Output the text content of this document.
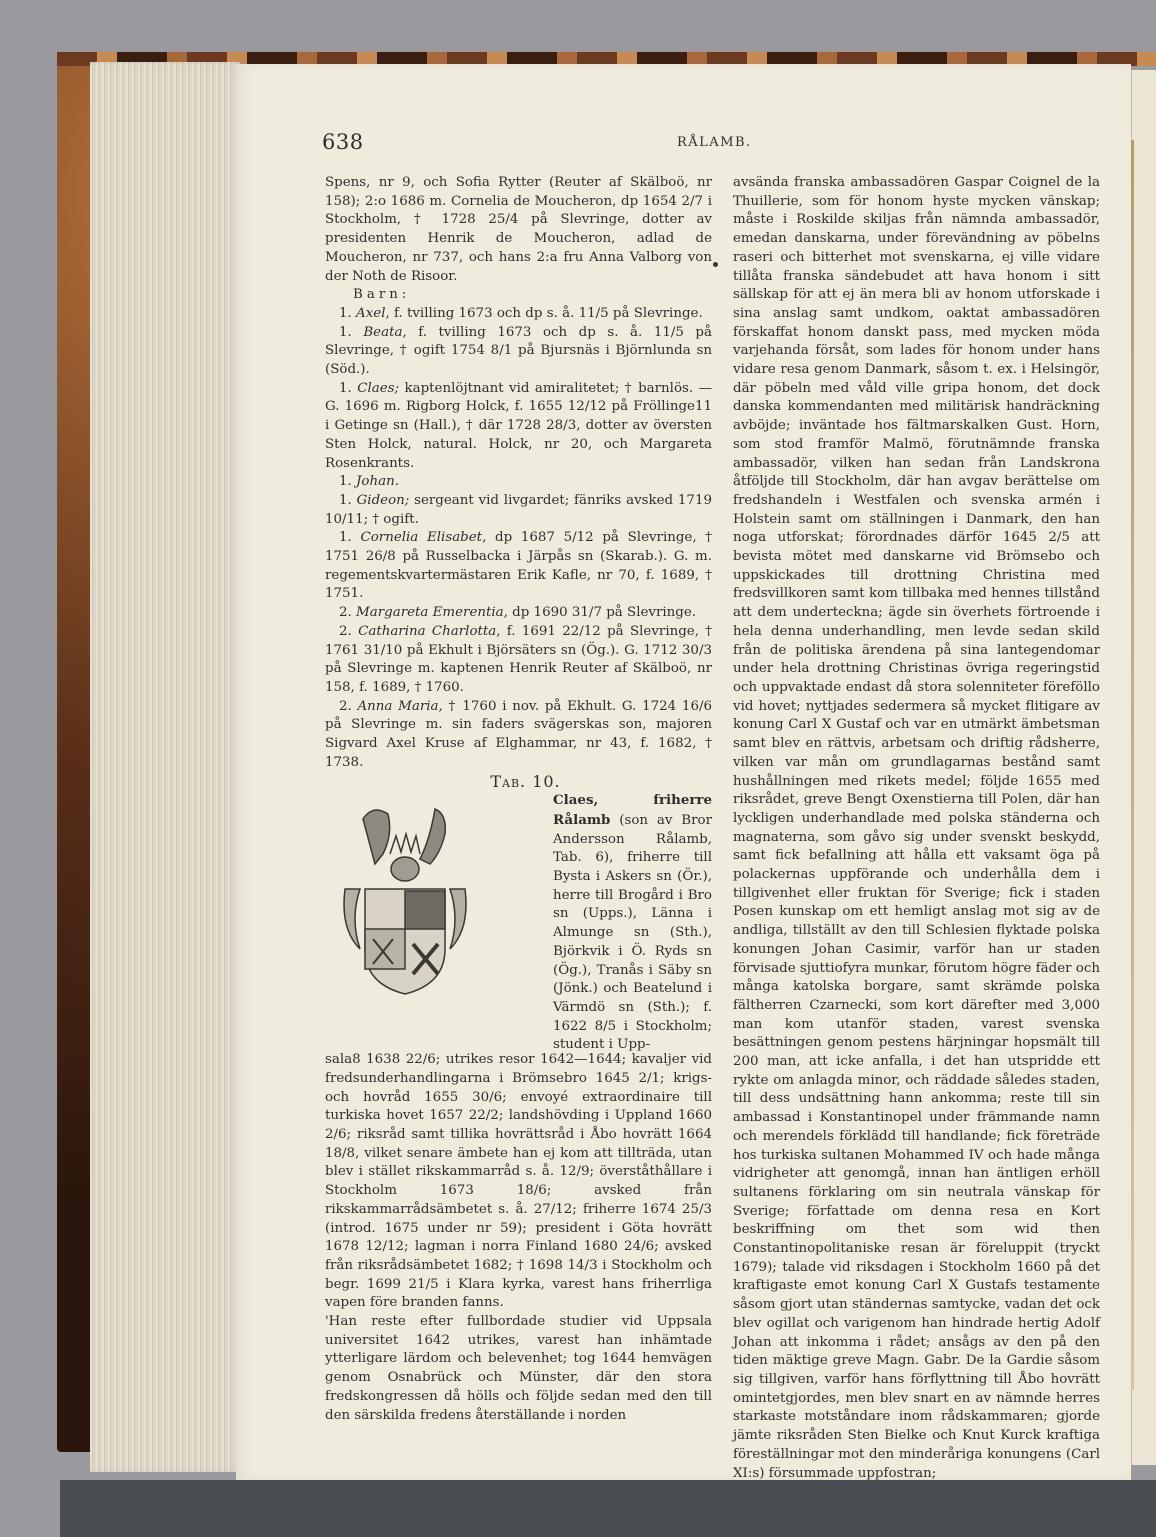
638	RÅLAMB.

Spens, nr 9, och Sofia Rytter (Reuter af Skälboö, nr 158); 2:o 1686 m. Cornelia de Moucheron, dp 1654 2/7 i Stockholm, † 1728 25/4 på Slevringe, dotter av presidenten Henrik de Moucheron, adlad de Moucheron, nr 737, och hans 2:a fru Anna Valborg von der Noth de Risoor.

Barn:

1. Axel, f. tvilling 1673 och dp s. å. 11/5 på Slevringe.

1. Beata, f. tvilling 1673 och dp s. å. 11/5 på Slevringe, † ogift 1754 8/1 på Bjursnäs i Björnlunda sn (Söd.).

1. Claes; kaptenlöjtnant vid amiralitetet; † barnlös. — G. 1696 m. Rigborg Holck, f. 1655 12/12 på Fröllinge11 i Getinge sn (Hall.), † där 1728 28/3, dotter av översten Sten Holck, natural. Holck, nr 20, och Margareta Rosenkrants.

1. Johan.

1. Gideon; sergeant vid livgardet; fänriks avsked 1719 10/11; † ogift.

1. Cornelia Elisabet, dp 1687 5/12 på Slevringe, † 1751 26/8 på Russelbacka i Järpås sn (Skarab.). G. m. regementskvartermästaren Erik Kafle, nr 70, f. 1689, † 1751.

2. Margareta Emerentia, dp 1690 31/7 på Slevringe.

2. Catharina Charlotta, f. 1691 22/12 på Slevringe, † 1761 31/10 på Ekhult i Björsäters sn (Ög.). G. 1712 30/3 på Slevringe m. kaptenen Henrik Reuter af Skälboö, nr 158, f. 1689, † 1760.

2. Anna Maria, † 1760 i nov. på Ekhult. G. 1724 16/6 på Slevringe m. sin faders svägerskas son, majoren Sigvard Axel Kruse af Elghammar, nr 43, f. 1682, † 1738.

Tab. 10.

Claes, friherre Rålamb (son av Bror Andersson Rålamb, Tab. 6), friherre till Bysta i Askers sn (Ör.), herre till Brogård i Bro sn (Upps.), Länna i Almunge sn (Sth.), Björkvik i Ö. Ryds sn (Ög.), Tranås i Säby sn (Jönk.) och Beatelund i Värmdö sn (Sth.); f. 1622 8/5 i Stockholm; student i Upp-

sala8 1638 22/6; utrikes resor 1642—1644; kavaljer vid fredsunderhandlingarna i Brömsebro 1645 2/1; krigs- och hovråd 1655 30/6; envoyé extraordinaire till turkiska hovet 1657 22/2; landshövding i Uppland 1660 2/6; riksråd samt tillika hovrättsråd i Åbo hovrätt 1664 18/8, vilket senare ämbete han ej kom att tillträda, utan blev i stället rikskammarråd s. å. 12/9; överståthållare i Stockholm 1673 18/6; avsked från rikskammarrådsämbetet s. å. 27/12; friherre 1674 25/3 (introd. 1675 under nr 59); president i Göta hovrätt 1678 12/12; lagman i norra Finland 1680 24/6; avsked från riksrådsämbetet 1682; † 1698 14/3 i Stockholm och begr. 1699 21/5 i Klara kyrka, varest hans friherrliga vapen före branden fanns.

'Han reste efter fullbordade studier vid Uppsala universitet 1642 utrikes, varest han inhämtade ytterligare lärdom och belevenhet; tog 1644 hemvägen genom Osnabrück och Münster, där den stora fredskongressen då hölls och följde sedan med den till den särskilda fredens återställande i norden

avsända franska ambassadören Gaspar Coignel de la Thuillerie, som för honom hyste mycken vänskap; måste i Roskilde skiljas från nämnda ambassadör, emedan danskarna, under förevändning av pöbelns raseri och bitterhet mot svenskarna, ej ville vidare tillåta franska sändebudet att hava honom i sitt sällskap för att ej än mera bli av honom utforskade i sina anslag samt undkom, oaktat ambassadören förskaffat honom danskt pass, med mycken möda varjehanda försåt, som lades för honom under hans vidare resa genom Danmark, såsom t. ex. i Helsingör, där pöbeln med våld ville gripa honom, det dock danska kommendanten med militärisk handräckning avböjde; inväntade hos fältmarskalken Gust. Horn, som stod framför Malmö, förutnämnde franska ambassadör, vilken han sedan från Landskrona åtföljde till Stockholm, där han avgav berättelse om fredshandeln i Westfalen och svenska armén i Holstein samt om ställningen i Danmark, den han noga utforskat; förordnades därför 1645 2/5 att bevista mötet med danskarne vid Brömsebo och uppskickades till drottning Christina med fredsvillkoren samt kom tillbaka med hennes tillstånd att dem underteckna; ägde sin överhets förtroende i hela denna underhandling, men levde sedan skild från de politiska ärendena på sina lantegendomar under hela drottning Christinas övriga regeringstid och uppvaktade endast då stora solenniteter föreföllo vid hovet; nyttjades sedermera så mycket flitigare av konung Carl X Gustaf och var en utmärkt ämbetsman samt blev en rättvis, arbetsam och driftig rådsherre, vilken var mån om grundlagarnas bestånd samt hushållningen med rikets medel; följde 1655 med riksrådet, greve Bengt Oxenstierna till Polen, där han lyckligen underhandlade med polska ständerna och magnaterna, som gåvo sig under svenskt beskydd, samt fick befallning att hålla ett vaksamt öga på polackernas uppförande och underhålla dem i tillgivenhet eller fruktan för Sverige; fick i staden Posen kunskap om ett hemligt anslag mot sig av de andliga, tillställt av den till Schlesien flyktade polska konungen Johan Casimir, varför han ur staden förvisade sjuttiofyra munkar, förutom högre fäder och många katolska borgare, samt skrämde polska fältherren Czarnecki, som kort därefter med 3,000 man kom utanför staden, varest svenska besättningen genom pestens härjningar hopsmält till 200 man, att icke anfalla, i det han utspridde ett rykte om anlagda minor, och räddade således staden, till dess undsättning hann ankomma; reste till sin ambassad i Konstantinopel under främmande namn och merendels förklädd till handlande; fick företräde hos turkiska sultanen Mohammed IV och hade många vidrigheter att genomgå, innan han äntligen erhöll sultanens förklaring om sin neutrala vänskap för Sverige; författade om denna resa en Kort beskriffning om thet som wid then Constantinopolitaniske resan är föreluppit (tryckt 1679); talade vid riksdagen i Stockholm 1660 på det kraftigaste emot konung Carl X Gustafs testamente såsom gjort utan ständernas samtycke, vadan det ock blev ogillat och varigenom han hindrade hertig Adolf Johan att inkomma i rådet; ansågs av den på den tiden mäktige greve Magn. Gabr. De la Gardie såsom sig tillgiven, varför hans förflyttning till Åbo hovrätt omintetgjordes, men blev snart en av nämnde herres starkaste motståndare inom rådskammaren; gjorde jämte riksråden Sten Bielke och Knut Kurck kraftiga föreställningar mot den minderåriga konungens (Carl XI:s) försummade uppfostran;
